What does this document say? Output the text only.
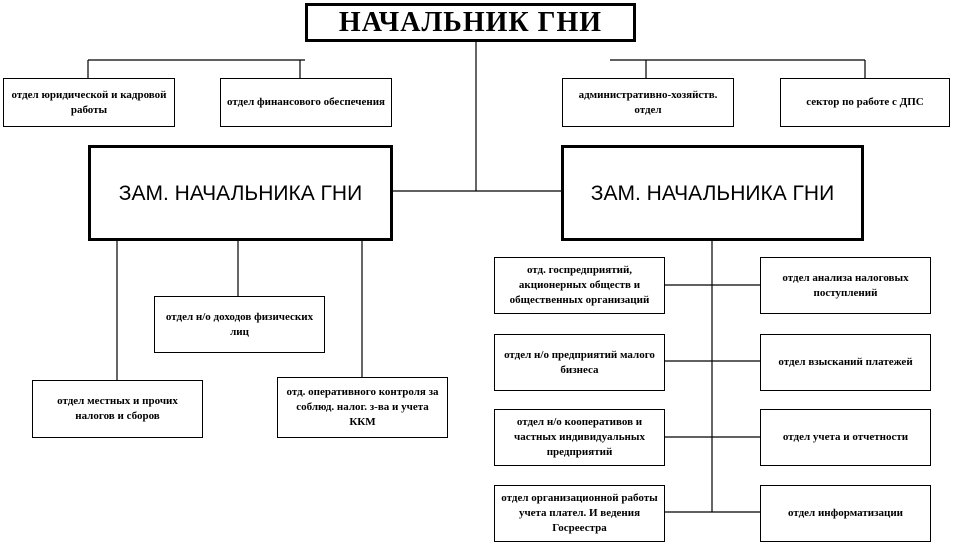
НАЧАЛЬНИК ГНИ
отдел юридической и кадровой работы
отдел финансового обеспечения
административно-хозяйств. отдел
сектор по работе с ДПС
ЗАМ. НАЧАЛЬНИКА ГНИ	ЗАМ. НАЧАЛЬНИКА ГНИ
отдел н/о доходов физических лиц
отдел местных и прочих налогов и сборов
отд. оперативного контроля за соблюд. налог. з-ва и учета ККМ
отд. госпредприятий, акционерных обществ и общественных организаций
отдел н/о предприятий малого бизнеса
отдел н/о кооперативов и частных индивидуальных предприятий
отдел организационной работы учета плател. И ведения Госреестра
отдел анализа налоговых поступлений
отдел взысканий платежей
отдел учета и отчетности
отдел информатизации
